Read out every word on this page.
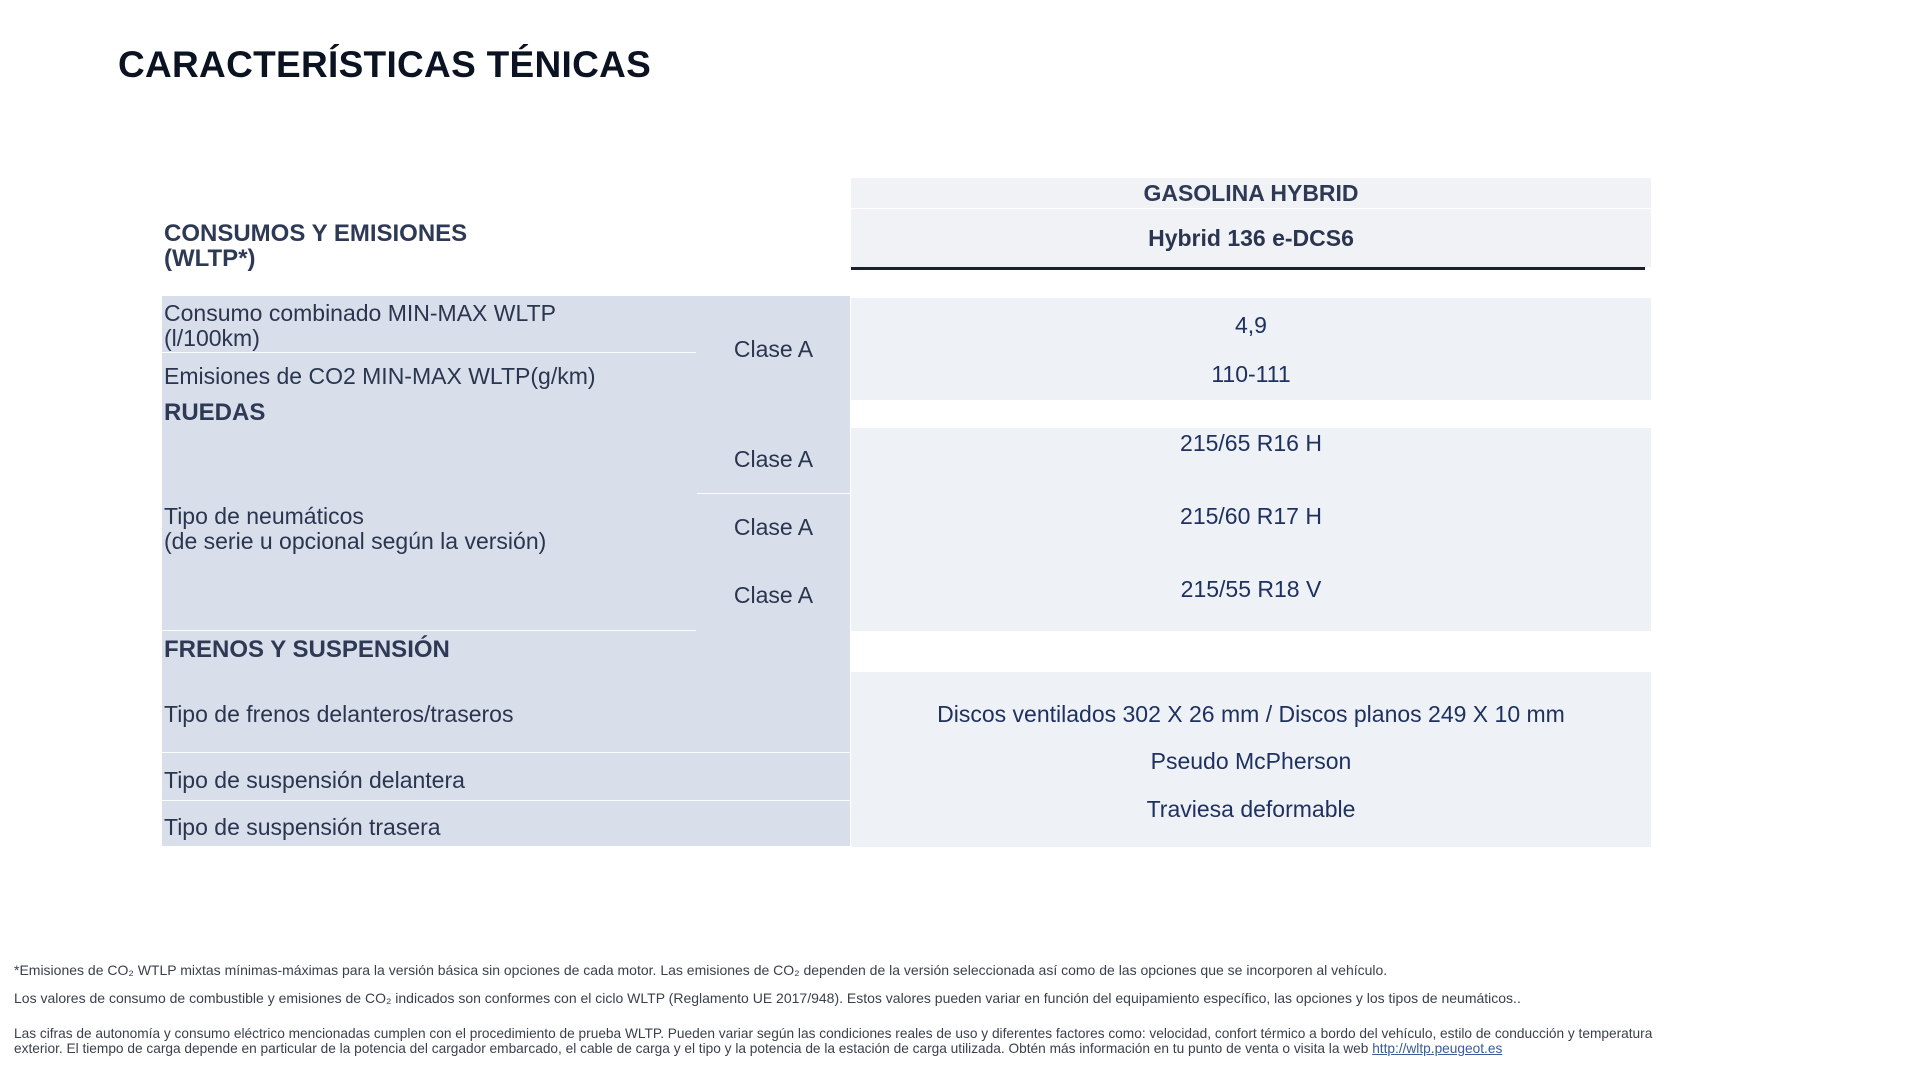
CARACTERÍSTICAS TÉNICAS
GASOLINA HYBRID
Hybrid 136 e-DCS6
CONSUMOS Y EMISIONES
(WLTP*)
Consumo combinado MIN-MAX WLTP
(l/100km)
Emisiones de CO2 MIN-MAX WLTP(g/km)
Clase A
4,9
110-111
RUEDAS
Tipo de neumáticos
(de serie u opcional según la versión)
Clase A
Clase A
Clase A
215/65 R16 H
215/60 R17 H
215/55 R18 V
FRENOS Y SUSPENSIÓN
Tipo de frenos delanteros/traseros
Tipo de suspensión delantera
Tipo de suspensión trasera
Discos ventilados 302 X 26 mm / Discos planos 249 X 10 mm
Pseudo McPherson
Traviesa deformable
*Emisiones de CO₂ WTLP mixtas mínimas-máximas para la versión básica sin opciones de cada motor. Las emisiones de CO₂ dependen de la versión seleccionada así como de las opciones que se incorporen al vehículo.
Los valores de consumo de combustible y emisiones de CO₂ indicados son conformes con el ciclo WLTP (Reglamento UE 2017/948). Estos valores pueden variar en función del equipamiento específico, las opciones y los tipos de neumáticos..
Las cifras de autonomía y consumo eléctrico mencionadas cumplen con el procedimiento de prueba WLTP. Pueden variar según las condiciones reales de uso y diferentes factores como: velocidad, confort térmico a bordo del vehículo, estilo de conducción y temperatura
exterior. El tiempo de carga depende en particular de la potencia del cargador embarcado, el cable de carga y el tipo y la potencia de la estación de carga utilizada. Obtén más información en tu punto de venta o visita la web http://wltp.peugeot.es
